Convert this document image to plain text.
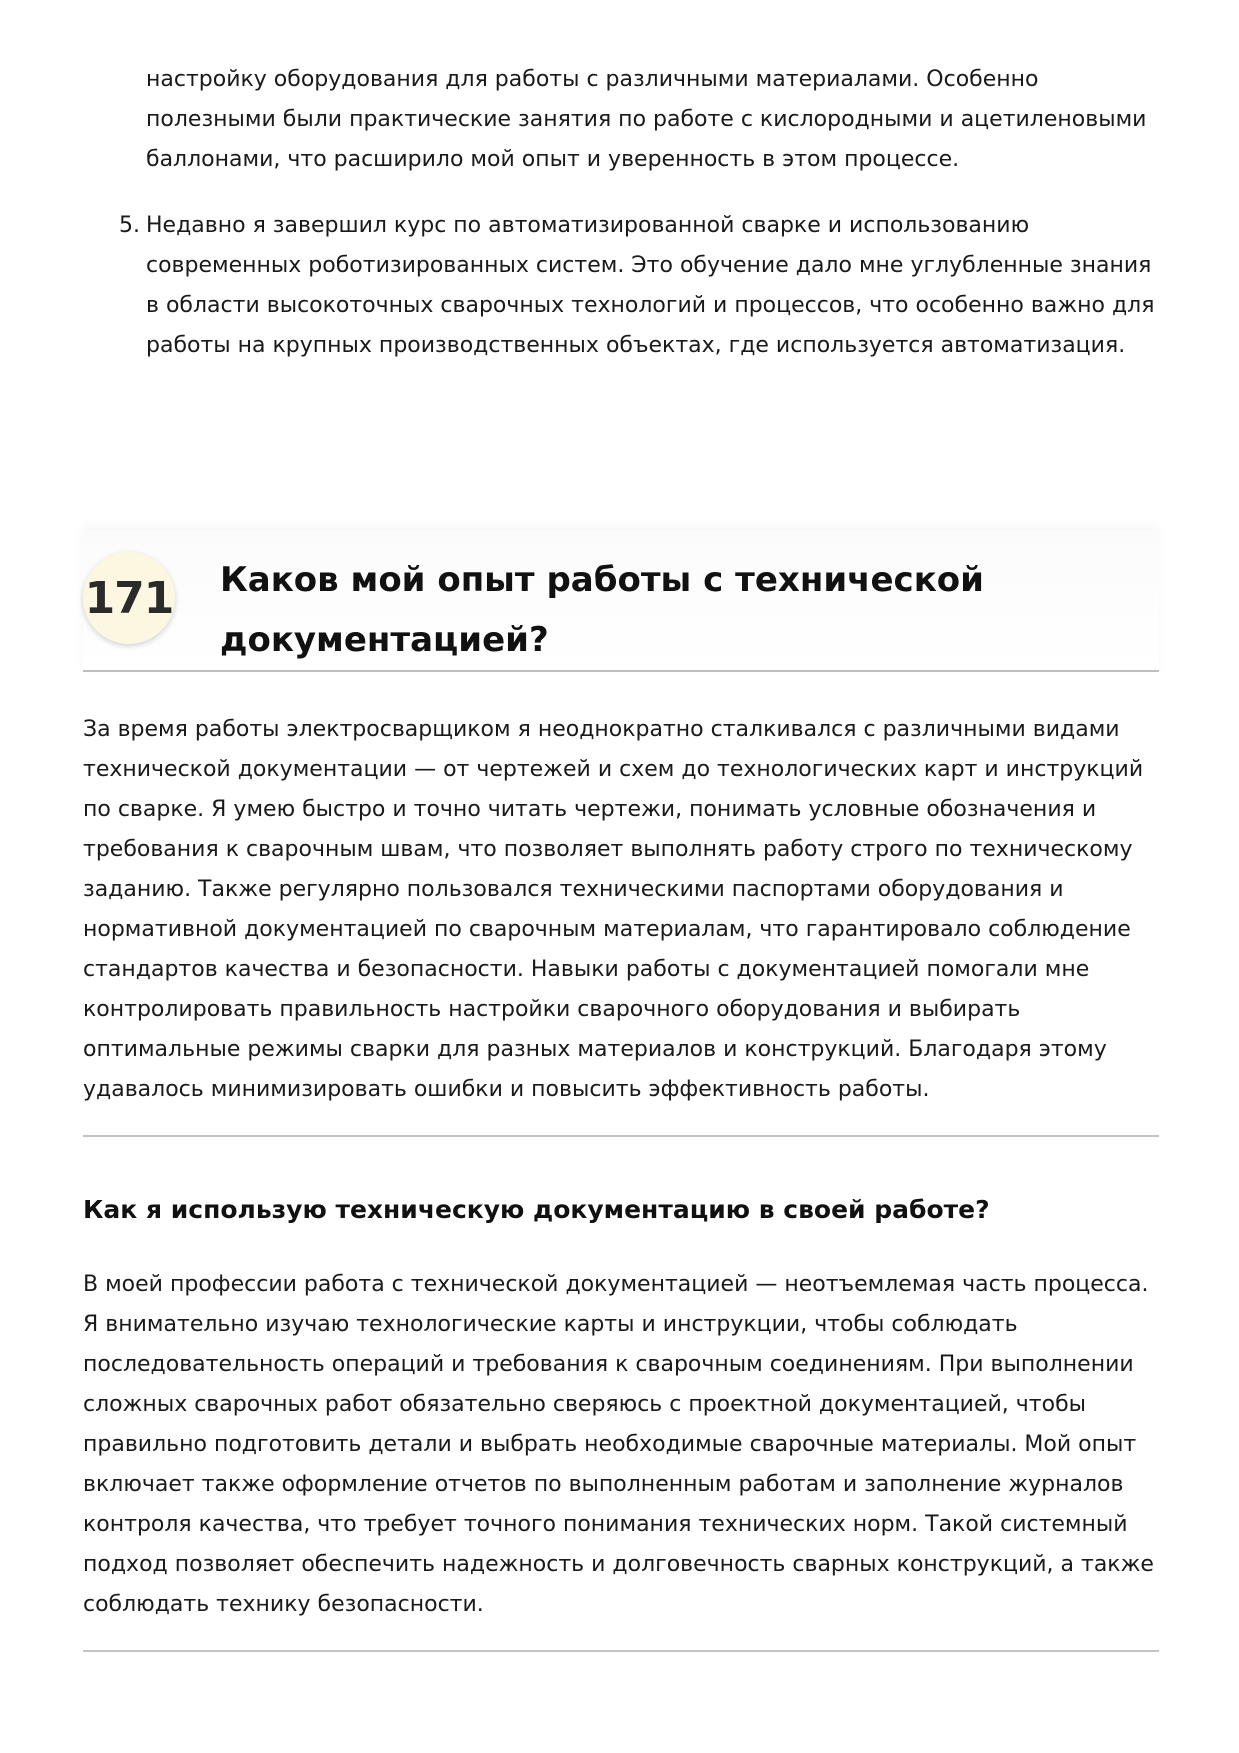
настройку оборудования для работы с различными материалами. Особенно полезными были практические занятия по работе с кислородными и ацетиленовыми баллонами, что расширило мой опыт и уверенность в этом процессе.
5. Недавно я завершил курс по автоматизированной сварке и использованию современных роботизированных систем. Это обучение дало мне углубленные знания в области высокоточных сварочных технологий и процессов, что особенно важно для работы на крупных производственных объектах, где используется автоматизация.
171 Каков мой опыт работы с технической документацией?

За время работы электросварщиком я неоднократно сталкивался с различными видами технической документации — от чертежей и схем до технологических карт и инструкций по сварке. Я умею быстро и точно читать чертежи, понимать условные обозначения и требования к сварочным швам, что позволяет выполнять работу строго по техническому заданию. Также регулярно пользовался техническими паспортами оборудования и нормативной документацией по сварочным материалам, что гарантировало соблюдение стандартов качества и безопасности. Навыки работы с документацией помогали мне контролировать правильность настройки сварочного оборудования и выбирать оптимальные режимы сварки для разных материалов и конструкций. Благодаря этому удавалось минимизировать ошибки и повысить эффективность работы.

Как я использую техническую документацию в своей работе?

В моей профессии работа с технической документацией — неотъемлемая часть процесса. Я внимательно изучаю технологические карты и инструкции, чтобы соблюдать последовательность операций и требования к сварочным соединениям. При выполнении сложных сварочных работ обязательно сверяюсь с проектной документацией, чтобы правильно подготовить детали и выбрать необходимые сварочные материалы. Мой опыт включает также оформление отчетов по выполненным работам и заполнение журналов контроля качества, что требует точного понимания технических норм. Такой системный подход позволяет обеспечить надежность и долговечность сварных конструкций, а также соблюдать технику безопасности.
